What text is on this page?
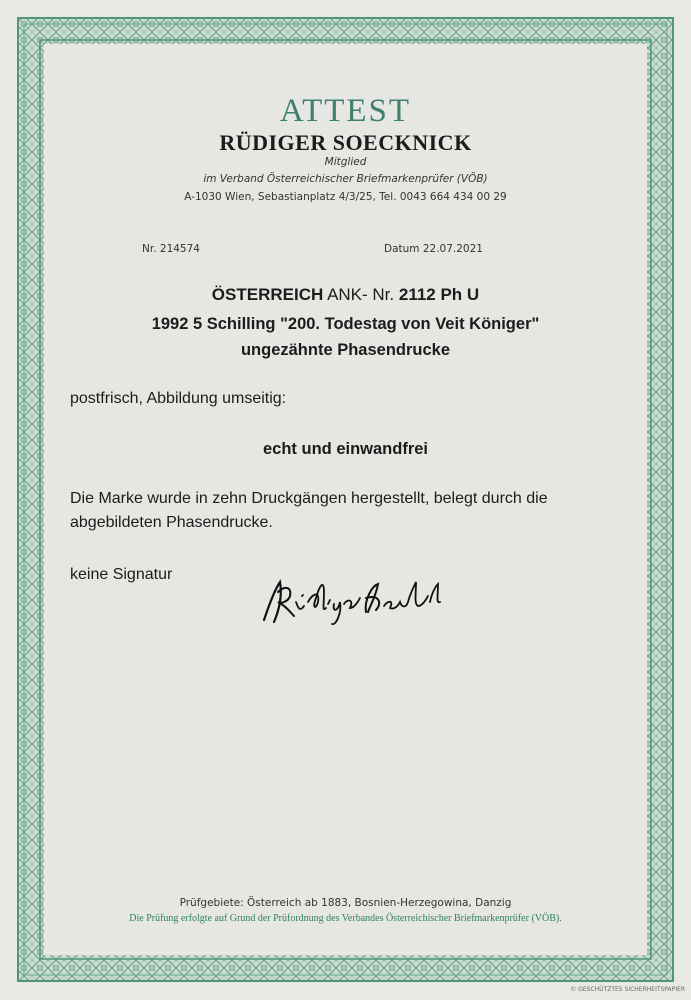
ATTEST
RÜDIGER SOECKNICK
Mitglied
im Verband Österreichischer Briefmarkenprüfer (VÖB)
A-1030 Wien, Sebastianplatz 4/3/25, Tel. 0043 664 434 00 29
Nr. 214574	Datum 22.07.2021
ÖSTERREICH ANK- Nr. 2112 Ph U
1992 5 Schilling "200. Todestag von Veit Königer"
ungezähnte Phasendrucke
postfrisch, Abbildung umseitig:
echt und einwandfrei
Die Marke wurde in zehn Druckgängen hergestellt, belegt durch die
abgebildeten Phasendrucke.
keine Signatur
Prüfgebiete: Österreich ab 1883, Bosnien-Herzegowina, Danzig
Die Prüfung erfolgte auf Grund der Prüfordnung des Verbandes Österreichischer Briefmarkenprüfer (VÖB).
© GESCHÜTZTES SICHERHEITSPAPIER
